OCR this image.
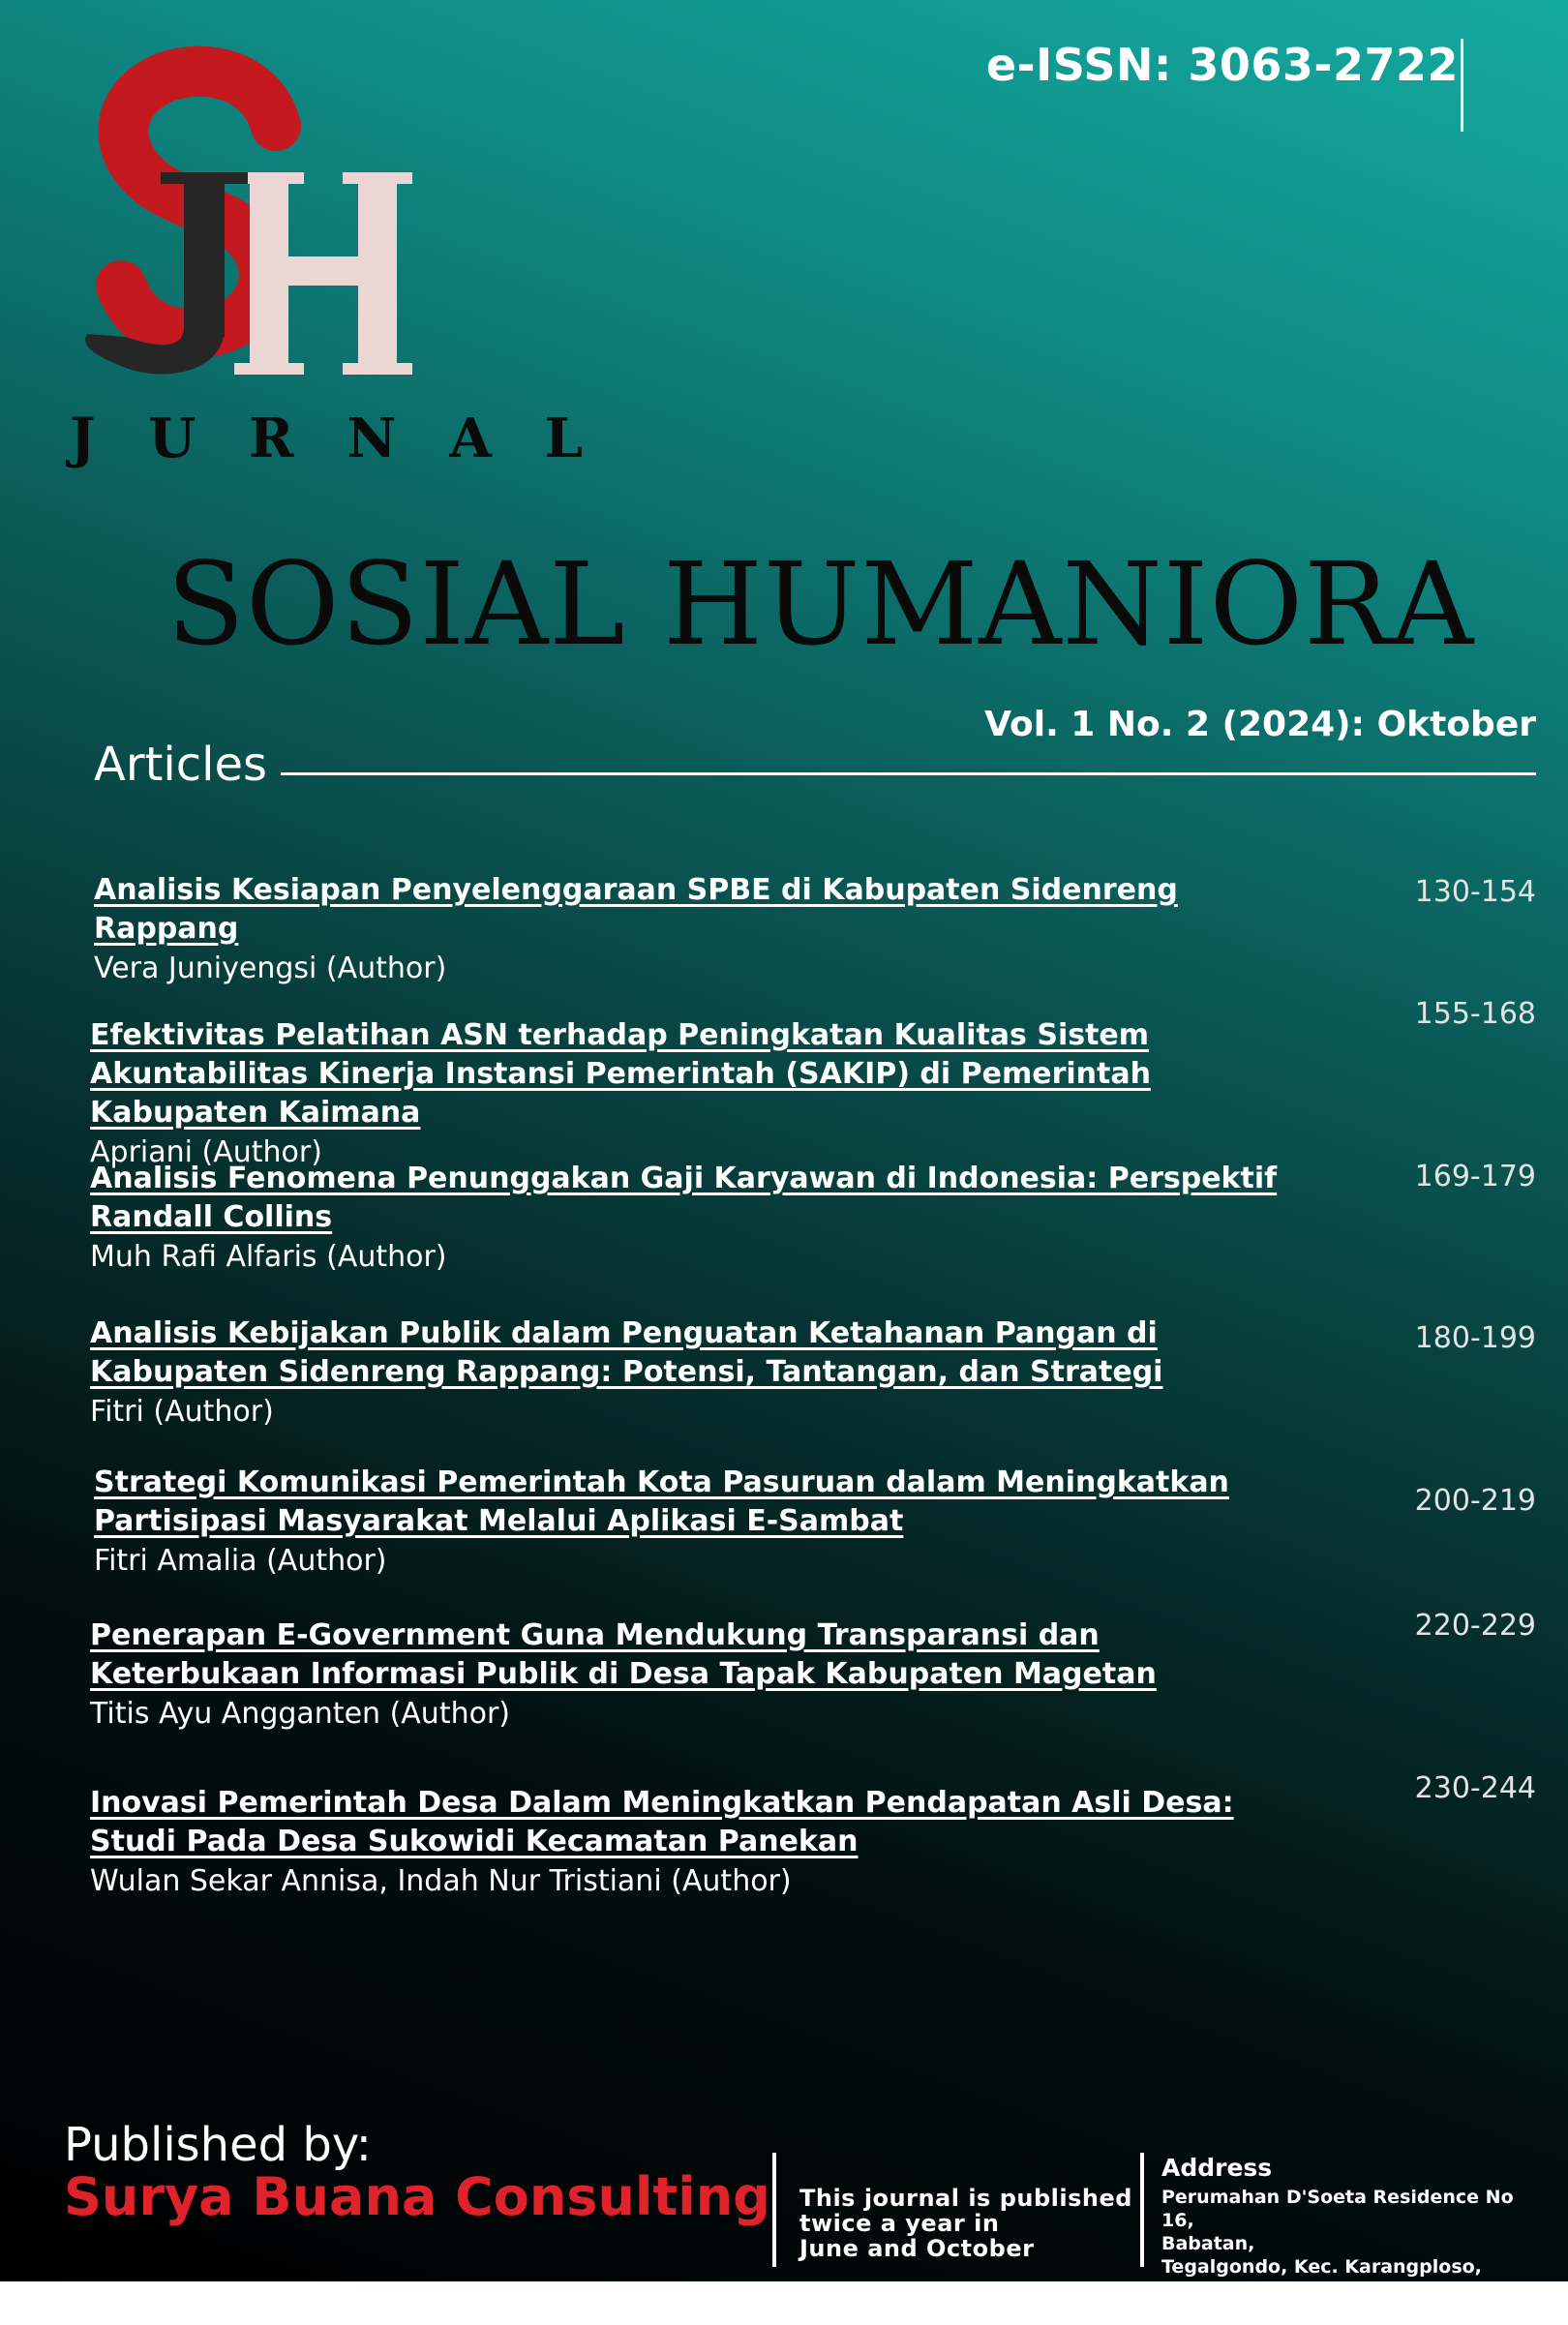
e-ISSN: 3063-2722
J U R N A L
SOSIAL HUMANIORA
Vol. 1 No. 2 (2024): Oktober
Articles
Analisis Kesiapan Penyelenggaraan SPBE di Kabupaten Sidenreng Rappang
Vera Juniyengsi (Author)
130-154
Efektivitas Pelatihan ASN terhadap Peningkatan Kualitas Sistem Akuntabilitas Kinerja Instansi Pemerintah (SAKIP) di Pemerintah Kabupaten Kaimana
Apriani (Author)
155-168
Analisis Fenomena Penunggakan Gaji Karyawan di Indonesia: Perspektif Randall Collins
Muh Rafi Alfaris (Author)
169-179
Analisis Kebijakan Publik dalam Penguatan Ketahanan Pangan di Kabupaten Sidenreng Rappang: Potensi, Tantangan, dan Strategi
Fitri (Author)
180-199
Strategi Komunikasi Pemerintah Kota Pasuruan dalam Meningkatkan Partisipasi Masyarakat Melalui Aplikasi E-Sambat
Fitri Amalia (Author)
200-219
Penerapan E-Government Guna Mendukung Transparansi dan Keterbukaan Informasi Publik di Desa Tapak Kabupaten Magetan
Titis Ayu Angganten (Author)
220-229
Inovasi Pemerintah Desa Dalam Meningkatkan Pendapatan Asli Desa: Studi Pada Desa Sukowidi Kecamatan Panekan
Wulan Sekar Annisa, Indah Nur Tristiani (Author)
230-244
Published by:
Surya Buana Consulting This journal is published
twice a year in
June and October
Address
Perumahan D'Soeta Residence No 16,
Babatan,
Tegalgondo, Kec. Karangploso,
Kabupaten Malang, Jawa Timur 65152
